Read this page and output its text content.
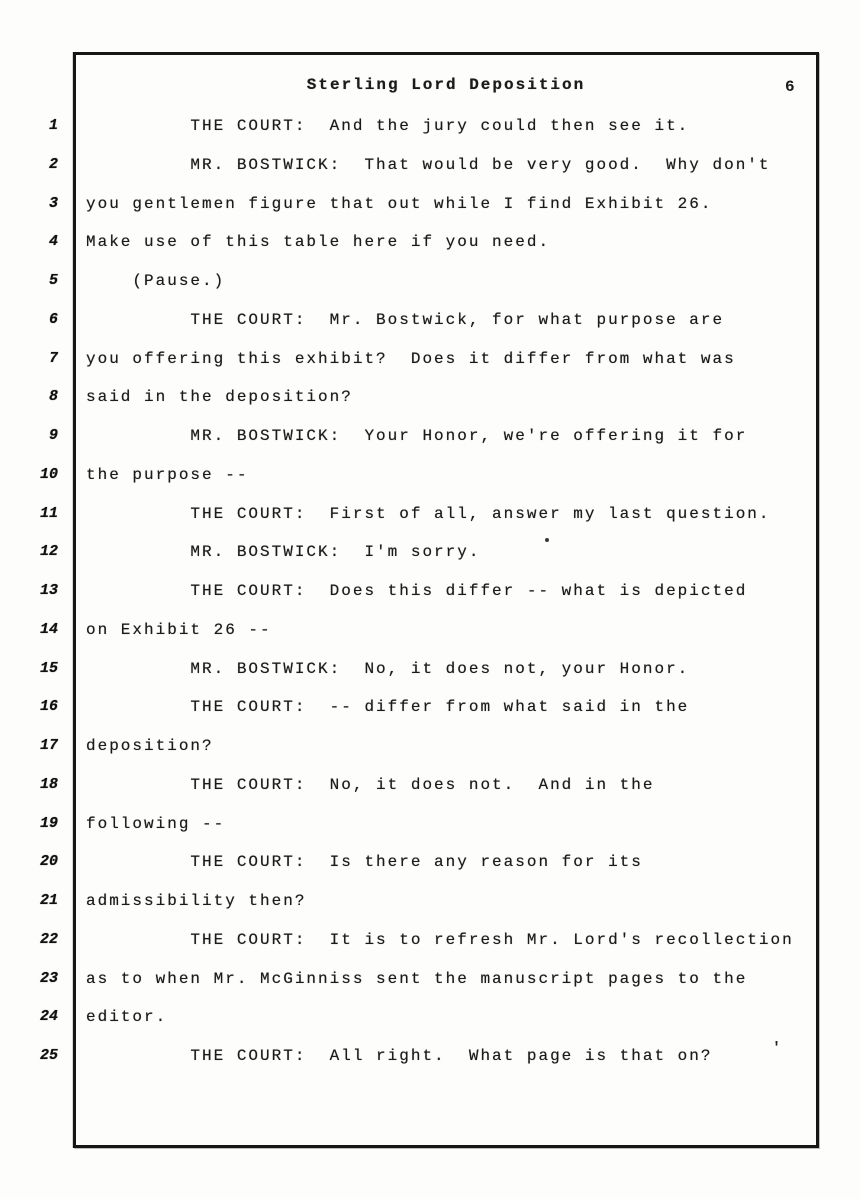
Sterling Lord Deposition	6
1         THE COURT:  And the jury could then see it.
2         MR. BOSTWICK:  That would be very good.  Why don't
3 you gentlemen figure that out while I find Exhibit 26.
4 Make use of this table here if you need.
5    (Pause.)
6         THE COURT:  Mr. Bostwick, for what purpose are
7 you offering this exhibit?  Does it differ from what was
8 said in the deposition?
9         MR. BOSTWICK:  Your Honor, we're offering it for
10 the purpose --
11         THE COURT:  First of all, answer my last question.
12         MR. BOSTWICK:  I'm sorry.
13         THE COURT:  Does this differ -- what is depicted
14 on Exhibit 26 --
15         MR. BOSTWICK:  No, it does not, your Honor.
16         THE COURT:  -- differ from what said in the
17 deposition?
18         THE COURT:  No, it does not.  And in the
19 following --
20         THE COURT:  Is there any reason for its
21 admissibility then?
22         THE COURT:  It is to refresh Mr. Lord's recollection
23 as to when Mr. McGinniss sent the manuscript pages to the
24 editor.
25         THE COURT:  All right.  What page is that on?	'
